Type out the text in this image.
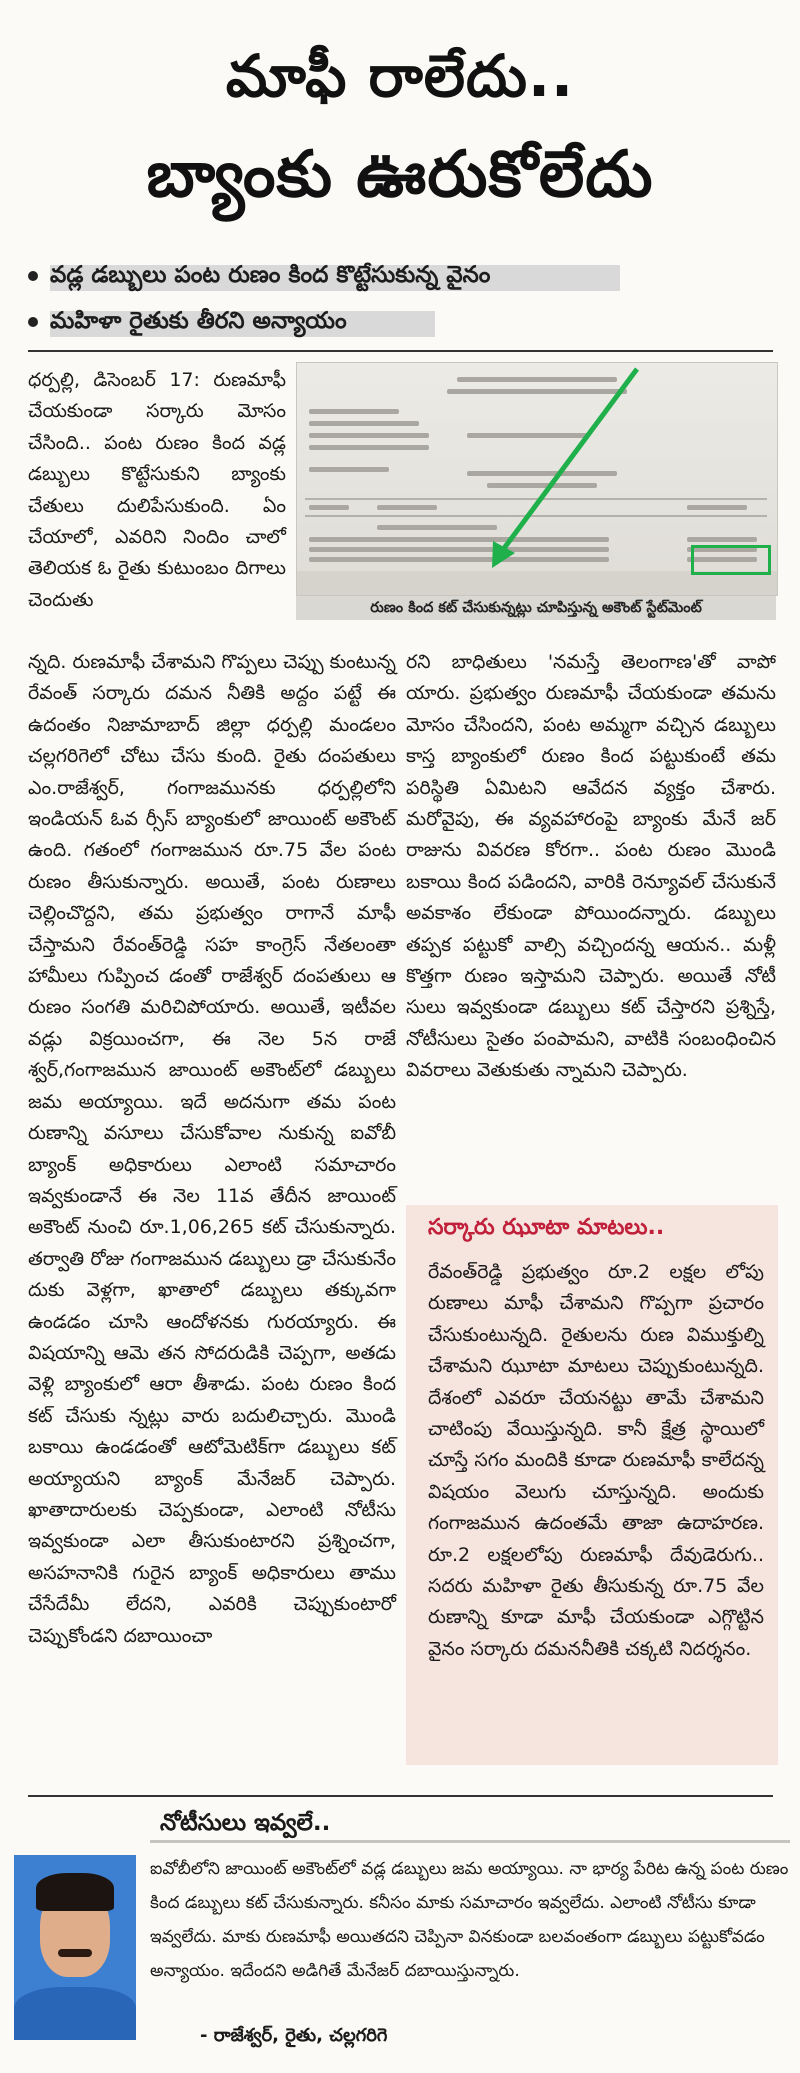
మాఫీ రాలేదు..
బ్యాంకు ఊరుకోలేదు
వడ్ల డబ్బులు పంట రుణం కింద కొట్టేసుకున్న వైనం
మహిళా రైతుకు తీరని అన్యాయం

ధర్పల్లి, డిసెంబర్ 17: రుణమాఫీ చేయకుండా సర్కారు మోసం చేసింది.. పంట రుణం కింద వడ్ల డబ్బులు కొట్టేసుకుని బ్యాంకు చేతులు దులిపేసుకుంది. ఏం చేయాలో, ఎవరిని నిందిం చాలో తెలియక ఓ రైతు కుటుంబం దిగాలు చెందుతు	రుణం కింద కట్ చేసుకున్నట్లు చూపిస్తున్న అకౌంట్ స్టేట్‌మెంట్

న్నది. రుణమాఫీ చేశామని గొప్పలు చెప్పు కుంటున్న రేవంత్ సర్కారు దమన నీతికి అద్దం పట్టే ఈ ఉదంతం నిజామాబాద్ జిల్లా ధర్పల్లి మండలం చల్లగరిగెలో చోటు చేసు కుంది. రైతు దంపతులు ఎం.రాజేశ్వర్, గంగాజమునకు ధర్పల్లిలోని ఇండియన్ ఓవ ర్సీస్ బ్యాంకులో జాయింట్ అకౌంట్ ఉంది. గతంలో గంగాజమున రూ.75 వేల పంట రుణం తీసుకున్నారు. అయితే, పంట రుణాలు చెల్లించొద్దని, తమ ప్రభుత్వం రాగానే మాఫీ చేస్తామని రేవంత్‌రెడ్డి సహ కాంగ్రెస్ నేతలంతా హామీలు గుప్పించ డంతో రాజేశ్వర్ దంపతులు ఆ రుణం సంగతి మరిచిపోయారు. అయితే, ఇటీవల వడ్లు విక్రయించగా, ఈ నెల 5న రాజే శ్వర్,గంగాజమున జాయింట్ అకౌంట్‌లో డబ్బులు జమ అయ్యాయి. ఇదే అదనుగా తమ పంట రుణాన్ని వసూలు చేసుకోవాల నుకున్న ఐవోబీ బ్యాంక్ అధికారులు ఎలాంటి సమాచారం ఇవ్వకుండానే ఈ నెల 11వ తేదీన జాయింట్ అకౌంట్ నుంచి రూ.1,06,265 కట్ చేసుకున్నారు. తర్వాతి రోజు గంగాజమున డబ్బులు డ్రా చేసుకునేం దుకు వెళ్లగా, ఖాతాలో డబ్బులు తక్కువగా ఉండడం చూసి ఆందోళనకు గురయ్యారు. ఈ విషయాన్ని ఆమె తన సోదరుడికి చెప్పగా, అతడు వెళ్లి బ్యాంకులో ఆరా తీశాడు. పంట రుణం కింద కట్ చేసుకు న్నట్లు వారు బదులిచ్చారు. మొండి బకాయి ఉండడంతో ఆటోమెటిక్‌గా డబ్బులు కట్ అయ్యాయని బ్యాంక్ మేనేజర్ చెప్పారు. ఖాతాదారులకు చెప్పకుండా, ఎలాంటి నోటీసు ఇవ్వకుండా ఎలా తీసుకుంటారని ప్రశ్నించగా, అసహనానికి గురైన బ్యాంక్ అధికారులు తాము చేసేదేమీ లేదని, ఎవరికి చెప్పుకుంటారో చెప్పుకోండని దబాయించా

రని బాధితులు 'నమస్తే తెలంగాణ'తో వాపో యారు. ప్రభుత్వం రుణమాఫీ చేయకుండా తమను మోసం చేసిందని, పంట అమ్మగా వచ్చిన డబ్బులు కాస్త బ్యాంకులో రుణం కింద పట్టుకుంటే తమ పరిస్థితి ఏమిటని ఆవేదన వ్యక్తం చేశారు. మరోవైపు, ఈ వ్యవహారంపై బ్యాంకు మేనే జర్ రాజును వివరణ కోరగా.. పంట రుణం మొండి బకాయి కింద పడిందని, వారికి రెన్యూవల్ చేసుకునే అవకాశం లేకుండా పోయిందన్నారు. డబ్బులు తప్పక పట్టుకో వాల్సి వచ్చిందన్న ఆయన.. మళ్లీ కొత్తగా రుణం ఇస్తామని చెప్పారు. అయితే నోటీ సులు ఇవ్వకుండా డబ్బులు కట్ చేస్తారని ప్రశ్నిస్తే, నోటీసులు సైతం పంపామని, వాటికి సంబంధించిన వివరాలు వెతుకుతు న్నామని చెప్పారు.

సర్కారు ఝూటా మాటలు..
రేవంత్‌రెడ్డి ప్రభుత్వం రూ.2 లక్షల లోపు రుణాలు మాఫీ చేశామని గొప్పగా ప్రచారం చేసుకుంటున్నది. రైతులను రుణ విముక్తుల్ని చేశామని ఝూటా మాటలు చెప్పుకుంటున్నది. దేశంలో ఎవరూ చేయనట్టు తామే చేశామని చాటింపు వేయిస్తున్నది. కానీ క్షేత్ర స్థాయిలో చూస్తే సగం మందికి కూడా రుణమాఫీ కాలేదన్న విషయం వెలుగు చూస్తున్నది. అందుకు గంగాజమున ఉదంతమే తాజా ఉదాహరణ. రూ.2 లక్షలలోపు రుణమాఫీ దేవుడెరుగు.. సదరు మహిళా రైతు తీసుకున్న రూ.75 వేల రుణాన్ని కూడా మాఫీ చేయకుండా ఎగ్గొట్టిన వైనం సర్కారు దమననీతికి చక్కటి నిదర్శనం.
నోటీసులు ఇవ్వలే..
ఐవోబీలోని జాయింట్ అకౌంట్‌లో వడ్ల డబ్బులు జమ అయ్యాయి. నా భార్య పేరిట ఉన్న పంట రుణం కింద డబ్బులు కట్ చేసుకున్నారు. కనీసం మాకు సమాచారం ఇవ్వలేదు. ఎలాంటి నోటీసు కూడా ఇవ్వలేదు. మాకు రుణమాఫీ అయితదని చెప్పినా వినకుండా బలవంతంగా డబ్బులు పట్టుకోవడం అన్యాయం. ఇదేందని అడిగితే మేనేజర్ దబాయిస్తున్నారు.
- రాజేశ్వర్, రైతు, చల్లగరిగె
